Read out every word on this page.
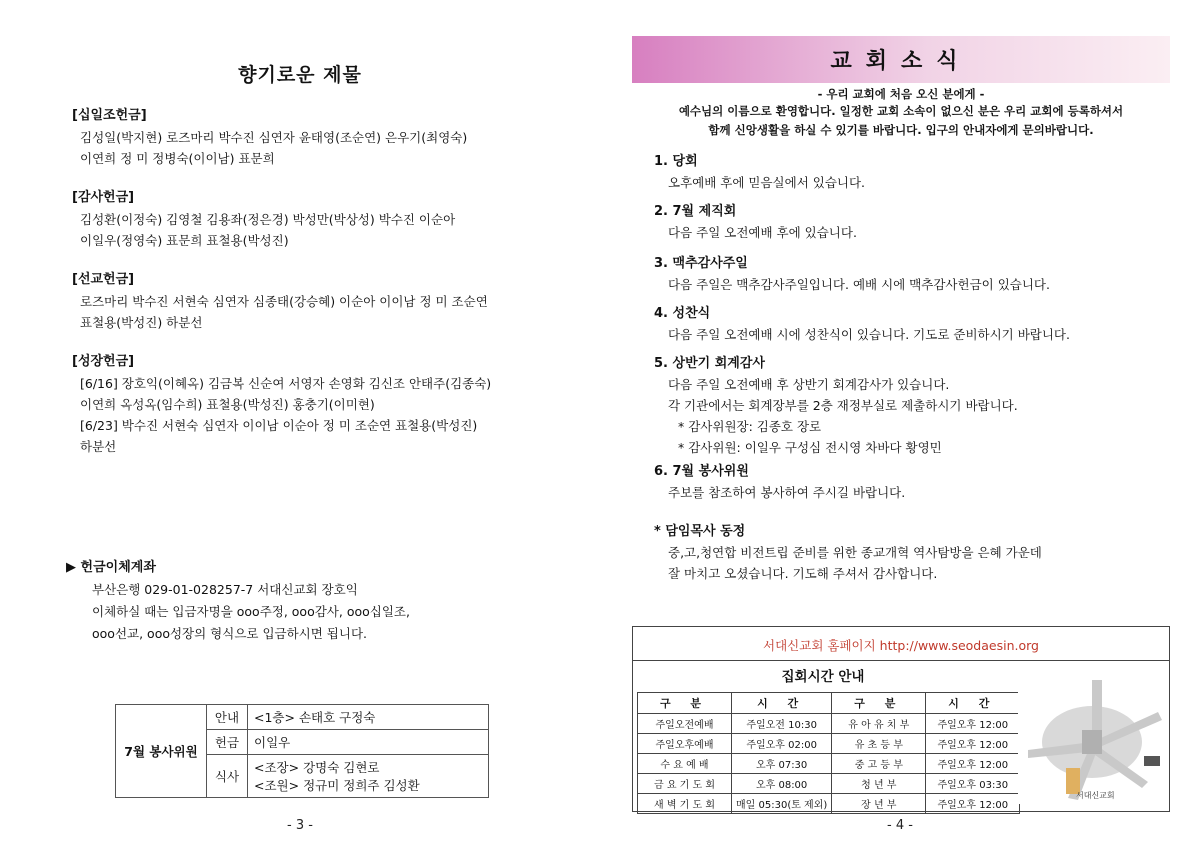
향기로운 제물
[십일조헌금]
김성일(박지현) 로즈마리 박수진 심연자 윤태영(조순연) 은우기(최영숙)
이연희 정 미 정병숙(이이남) 표문희
[감사헌금]
김성환(이정숙) 김영철 김용좌(정은경) 박성만(박상성) 박수진 이순아
이일우(정영숙) 표문희 표철용(박성진)
[선교헌금]
로즈마리 박수진 서현숙 심연자 심종태(강승혜) 이순아 이이남 정 미 조순연
표철용(박성진) 하분선
[성장헌금]
[6/16] 장호익(이혜옥) 김금복 신순여 서영자 손영화 김신조 안태주(김종숙)
이연희 옥성옥(임수희) 표철용(박성진) 홍충기(이미현)
[6/23] 박수진 서현숙 심연자 이이남 이순아 정 미 조순연 표철용(박성진)
하분선
▶ 헌금이체계좌
부산은행 029-01-028257-7 서대신교회 장호익
이체하실 때는 입금자명을 ooo주정, ooo감사, ooo십일조,
ooo선교, ooo성장의 형식으로 입금하시면 됩니다.
7월 봉사위원	안내	<1층> 손태호 구정숙
	헌금	이일우
	식사	<조장> 강명숙 김현로
<조원> 정규미 정희주 김성환
- 3 -
교회소식
- 우리 교회에 처음 오신 분에게 -
예수님의 이름으로 환영합니다. 일정한 교회 소속이 없으신 분은 우리 교회에 등록하셔서
함께 신앙생활을 하실 수 있기를 바랍니다. 입구의 안내자에게 문의바랍니다.
1. 당회
오후예배 후에 믿음실에서 있습니다.
2. 7월 제직회
다음 주일 오전예배 후에 있습니다.
3. 맥추감사주일
다음 주일은 맥추감사주일입니다. 예배 시에 맥추감사헌금이 있습니다.
4. 성찬식
다음 주일 오전예배 시에 성찬식이 있습니다. 기도로 준비하시기 바랍니다.
5. 상반기 회계감사
다음 주일 오전예배 후 상반기 회계감사가 있습니다.
각 기관에서는 회계장부를 2층 재정부실로 제출하시기 바랍니다.
* 감사위원장: 김종호 장로
* 감사위원: 이일우 구성심 전시영 차바다 황영민
6. 7월 봉사위원
주보를 참조하여 봉사하여 주시길 바랍니다.
* 담임목사 동정
중,고,청연합 비전트립 준비를 위한 종교개혁 역사탐방을 은혜 가운데
잘 마치고 오셨습니다. 기도해 주셔서 감사합니다.
서대신교회 홈페이지 http://www.seodaesin.org
집회시간 안내
구 분	시 간	구 분	시 간
주일오전예배	주일오전 10:30	유 아 유 치 부	주일오후 12:00
주일오후예배	주일오후 02:00	유 초 등 부	주일오후 12:00
수 요 예 배	오후 07:30	중 고 등 부	주일오후 12:00
금 요 기 도 회	오후 08:00	청 년 부	주일오후 03:30
새 벽 기 도 회	매일 05:30(토 제외)	장 년 부	주일오후 12:00
서대신교회
- 4 -
